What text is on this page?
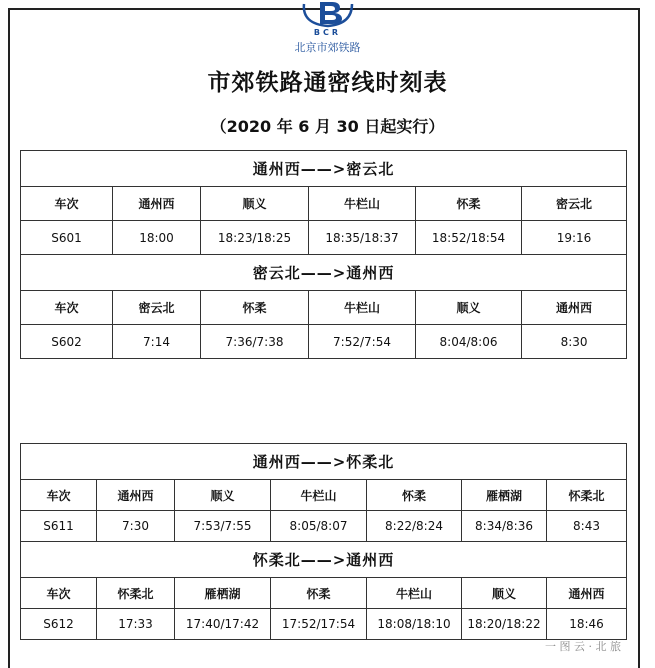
BCR
北京市郊铁路
市郊铁路通密线时刻表
（2020 年 6 月 30 日起实行）
通州西——>密云北					
车次	通州西	顺义	牛栏山	怀柔	密云北
S601	18:00	18:23/18:25	18:35/18:37	18:52/18:54	19:16
密云北——>通州西					
车次	密云北	怀柔	牛栏山	顺义	通州西
S602	7:14	7:36/7:38	7:52/7:54	8:04/8:06	8:30
通州西——>怀柔北						
车次	通州西	顺义	牛栏山	怀柔	雁栖湖	怀柔北
S611	7:30	7:53/7:55	8:05/8:07	8:22/8:24	8:34/8:36	8:43
怀柔北——>通州西						
车次	怀柔北	雁栖湖	怀柔	牛栏山	顺义	通州西
S612	17:33	17:40/17:42	17:52/17:54	18:08/18:10	18:20/18:22	18:46
一 图 云 · 北 旅
